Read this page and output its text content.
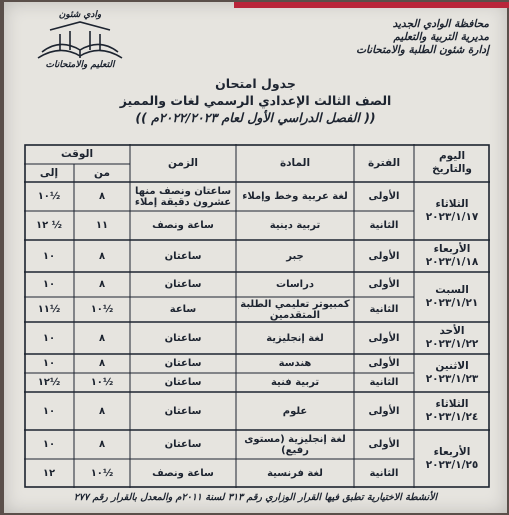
محافظة الوادي الجديد
مديرية التربية والتعليم
إدارة شئون الطلبة والامتحانات
وادي شئون
التعليم والامتحانات
جدول امتحان
الصف الثالث الإعدادي الرسمي لغات والمميز
(( الفصل الدراسي الأول لعام ٢٠٢٢/٢٠٢٣م ))
اليوم
والتاريخ
الفترة
المادة
الزمن
الوقت
من
إلى
الثلاثاء
٢٠٢٣/١/١٧
الأولى
لغة عربية وخط وإملاء
ساعتان ونصف منها عشرون دقيقة إملاء
٨
١٠½
الثانية
تربية دينية
ساعة ونصف
١١
١٢ ½
الأربعاء
٢٠٢٣/١/١٨
الأولى
جبر
ساعتان
٨
١٠
السبت
٢٠٢٣/١/٢١
الأولى
دراسات
ساعتان
٨
١٠
الثانية
كمبيوتر تعليمي الطلبة المتقدمين
ساعة
١٠½
١١½
الأحد
٢٠٢٣/١/٢٢
الأولى
لغة إنجليزية
ساعتان
٨
١٠
الاثنين
٢٠٢٣/١/٢٣
الأولى
هندسة
ساعتان
٨
١٠
الثانية
تربية فنية
ساعتان
١٠½
١٢½
الثلاثاء
٢٠٢٣/١/٢٤
الأولى
علوم
ساعتان
٨
١٠
الأربعاء
٢٠٢٣/١/٢٥
الأولى
لغة إنجليزية (مستوى رفيع)
ساعتان
٨
١٠
الثانية
لغة فرنسية
ساعة ونصف
١٠½
١٢
الأنشطة الاختيارية تطبق فيها القرار الوزاري رقم ٣١٣ لسنة ٢٠١١م والمعدل بالقرار رقم ٢٧٧
